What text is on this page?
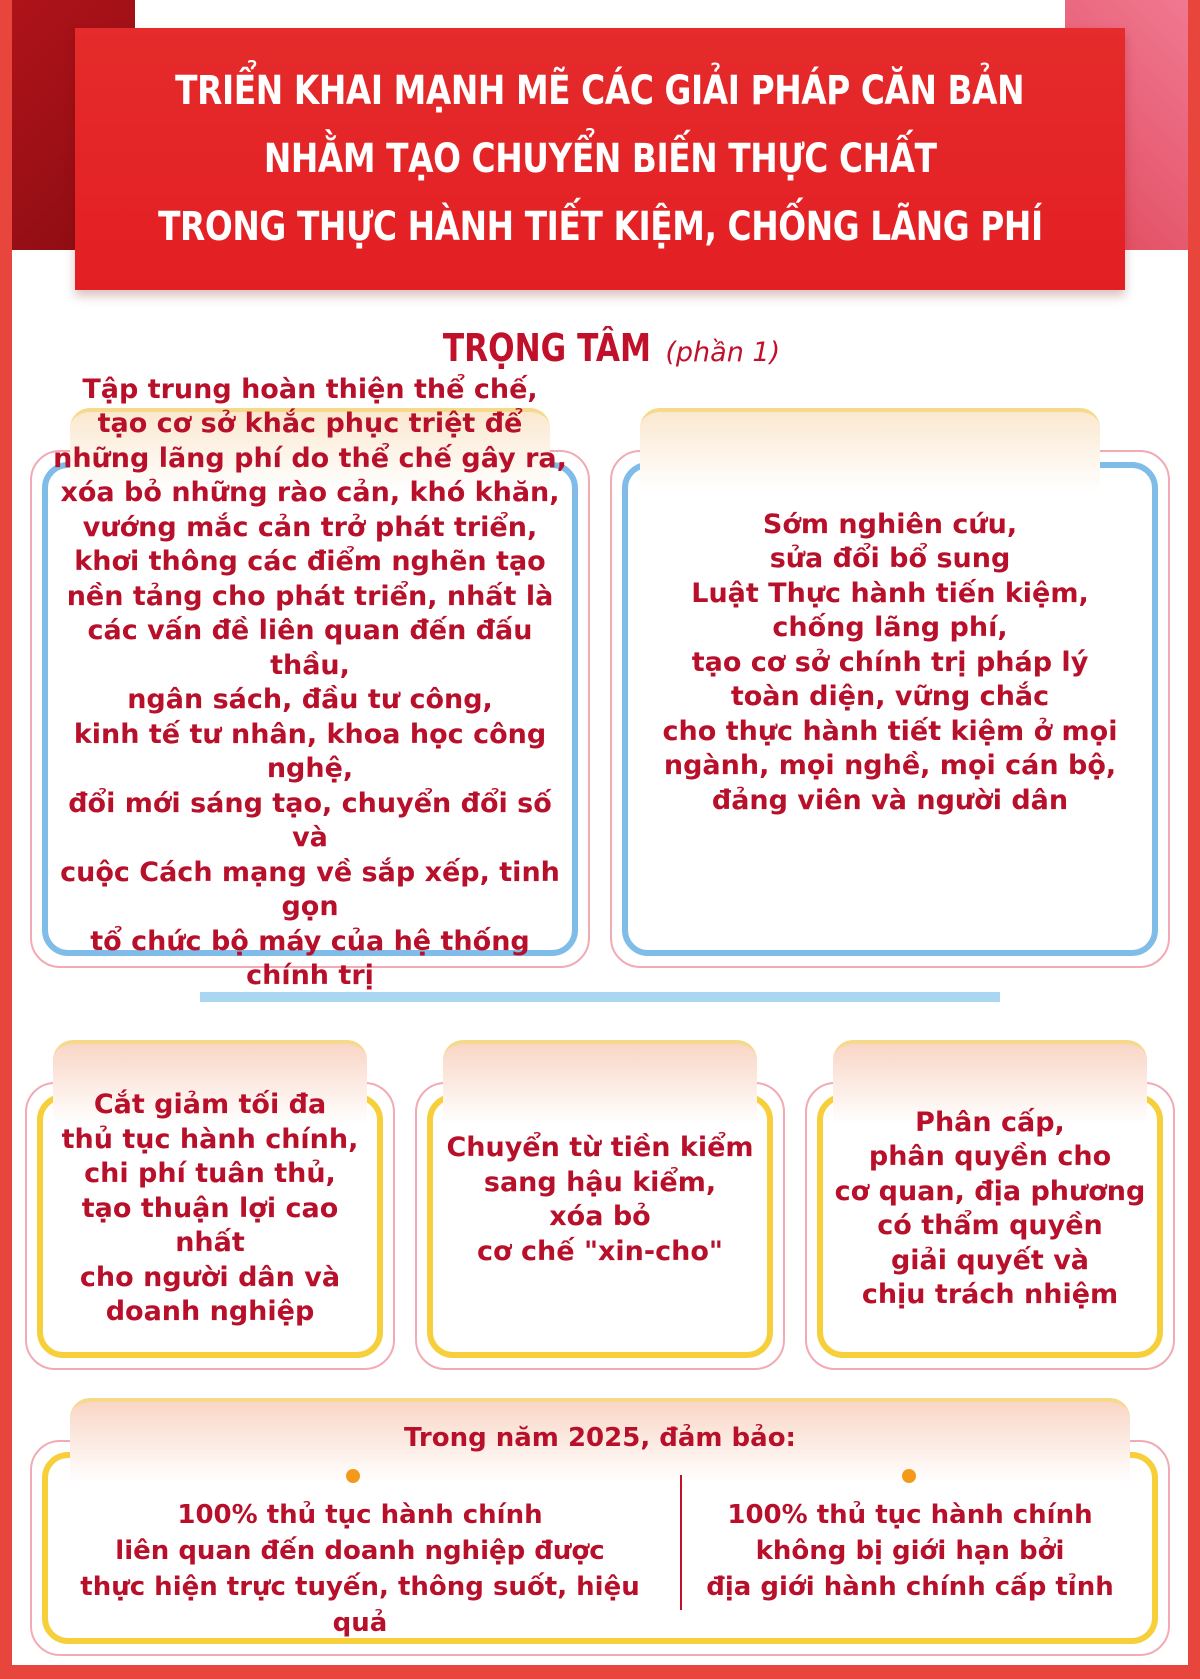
TRIỂN KHAI MẠNH MẼ CÁC GIẢI PHÁP CĂN BẢN
NHẰM TẠO CHUYỂN BIẾN THỰC CHẤT
TRONG THỰC HÀNH TIẾT KIỆM, CHỐNG LÃNG PHÍ
TRỌNG TÂM (phần 1)
Tập trung hoàn thiện thể chế,
tạo cơ sở khắc phục triệt để
những lãng phí do thể chế gây ra,
xóa bỏ những rào cản, khó khăn,
vướng mắc cản trở phát triển,
khơi thông các điểm nghẽn tạo
nền tảng cho phát triển, nhất là
các vấn đề liên quan đến đấu thầu,
ngân sách, đầu tư công,
kinh tế tư nhân, khoa học công nghệ,
đổi mới sáng tạo, chuyển đổi số và
cuộc Cách mạng về sắp xếp, tinh gọn
tổ chức bộ máy của hệ thống chính trị
Sớm nghiên cứu,
sửa đổi bổ sung
Luật Thực hành tiến kiệm,
chống lãng phí,
tạo cơ sở chính trị pháp lý
toàn diện, vững chắc
cho thực hành tiết kiệm ở mọi
ngành, mọi nghề, mọi cán bộ,
đảng viên và người dân
Cắt giảm tối đa
thủ tục hành chính,
chi phí tuân thủ,
tạo thuận lợi cao nhất
cho người dân và
doanh nghiệp
Chuyển từ tiền kiểm
sang hậu kiểm,
xóa bỏ
cơ chế "xin-cho"
Phân cấp,
phân quyền cho
cơ quan, địa phương
có thẩm quyền
giải quyết và
chịu trách nhiệm
Trong năm 2025, đảm bảo:
100% thủ tục hành chính
liên quan đến doanh nghiệp được
thực hiện trực tuyến, thông suốt, hiệu quả
100% thủ tục hành chính
không bị giới hạn bởi
địa giới hành chính cấp tỉnh
